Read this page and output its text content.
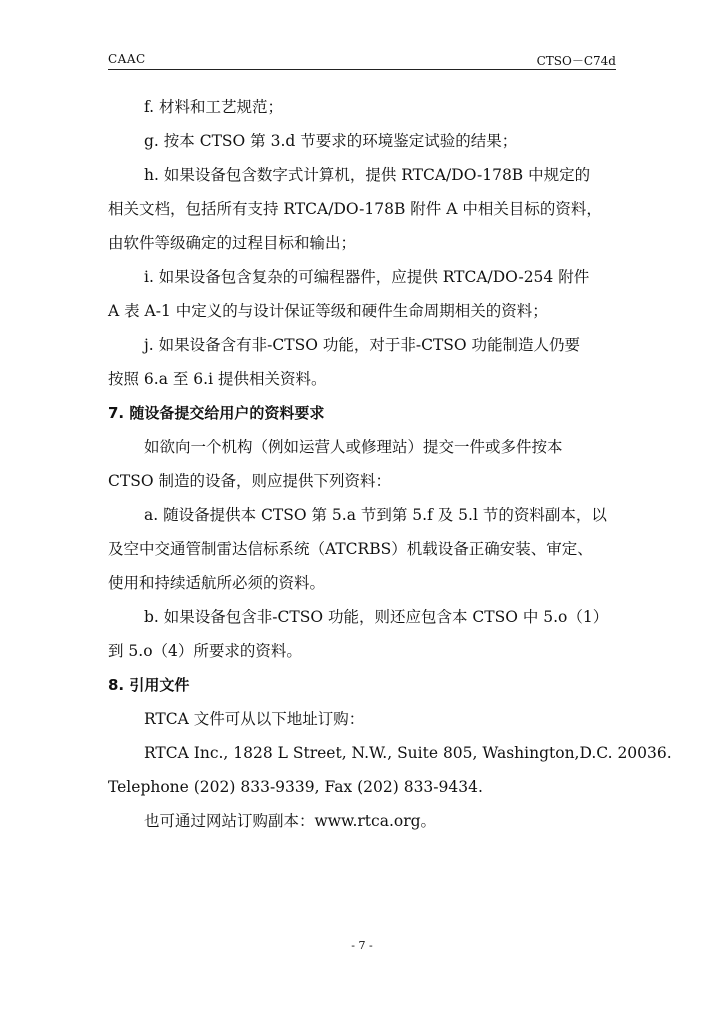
CAAC	CTSO－C74d

f. 材料和工艺规范；

g. 按本 CTSO 第 3.d 节要求的环境鉴定试验的结果；

h. 如果设备包含数字式计算机，提供 RTCA/DO-178B 中规定的

相关文档，包括所有支持 RTCA/DO-178B 附件 A 中相关目标的资料，

由软件等级确定的过程目标和输出；

i. 如果设备包含复杂的可编程器件，应提供 RTCA/DO-254 附件

A 表 A-1 中定义的与设计保证等级和硬件生命周期相关的资料；

j. 如果设备含有非-CTSO 功能，对于非-CTSO 功能制造人仍要

按照 6.a 至 6.i 提供相关资料。

7. 随设备提交给用户的资料要求

如欲向一个机构（例如运营人或修理站）提交一件或多件按本

CTSO 制造的设备，则应提供下列资料：

a. 随设备提供本 CTSO 第 5.a 节到第 5.f 及 5.l 节的资料副本，以

及空中交通管制雷达信标系统（ATCRBS）机载设备正确安装、审定、

使用和持续适航所必须的资料。

b. 如果设备包含非-CTSO 功能，则还应包含本 CTSO 中 5.o（1）

到 5.o（4）所要求的资料。

8. 引用文件

RTCA 文件可从以下地址订购：

RTCA Inc., 1828 L Street, N.W., Suite 805, Washington,D.C. 20036.

Telephone (202) 833-9339, Fax (202) 833-9434.

也可通过网站订购副本：www.rtca.org。

- 7 -
